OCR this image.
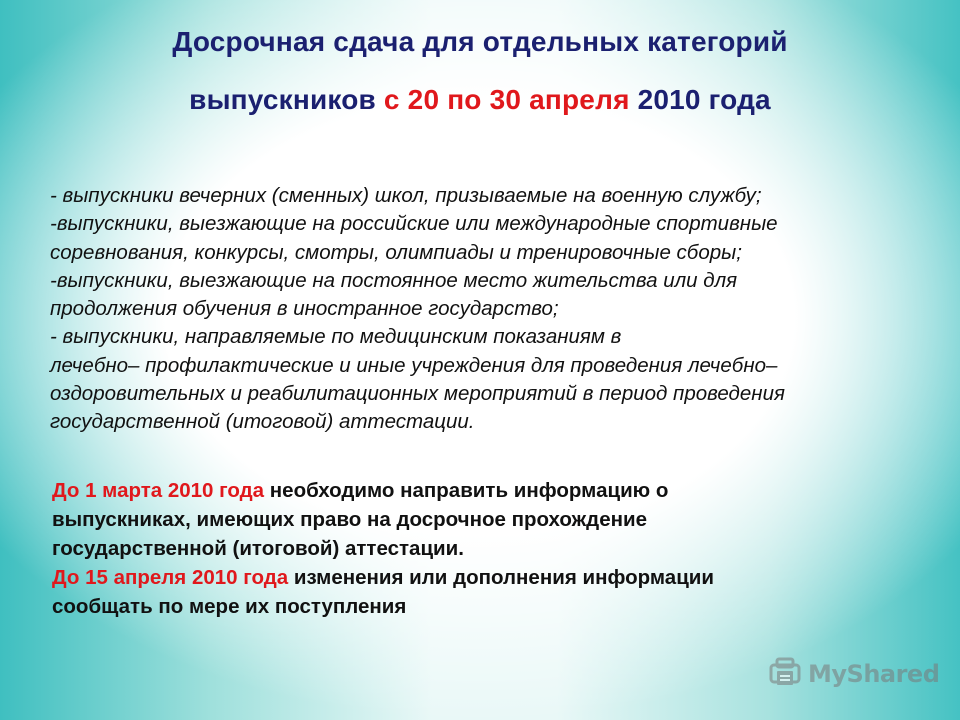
Досрочная сдача для отдельных категорий
выпускников с 20 по 30 апреля 2010 года
- выпускники вечерних (сменных) школ, призываемые на военную службу;
-выпускники, выезжающие на российские или международные спортивные
соревнования, конкурсы, смотры, олимпиады и тренировочные сборы;
-выпускники, выезжающие на постоянное место жительства или для
продолжения обучения в иностранное государство;
- выпускники, направляемые по медицинским показаниям в
лечебно– профилактические и иные учреждения для проведения лечебно–
оздоровительных и реабилитационных мероприятий в период проведения
государственной (итоговой) аттестации.
До 1 марта 2010 года необходимо направить информацию о
выпускниках, имеющих право на досрочное прохождение
государственной (итоговой) аттестации.
До 15 апреля 2010 года изменения или дополнения информации
сообщать по мере их поступления
MyShared
